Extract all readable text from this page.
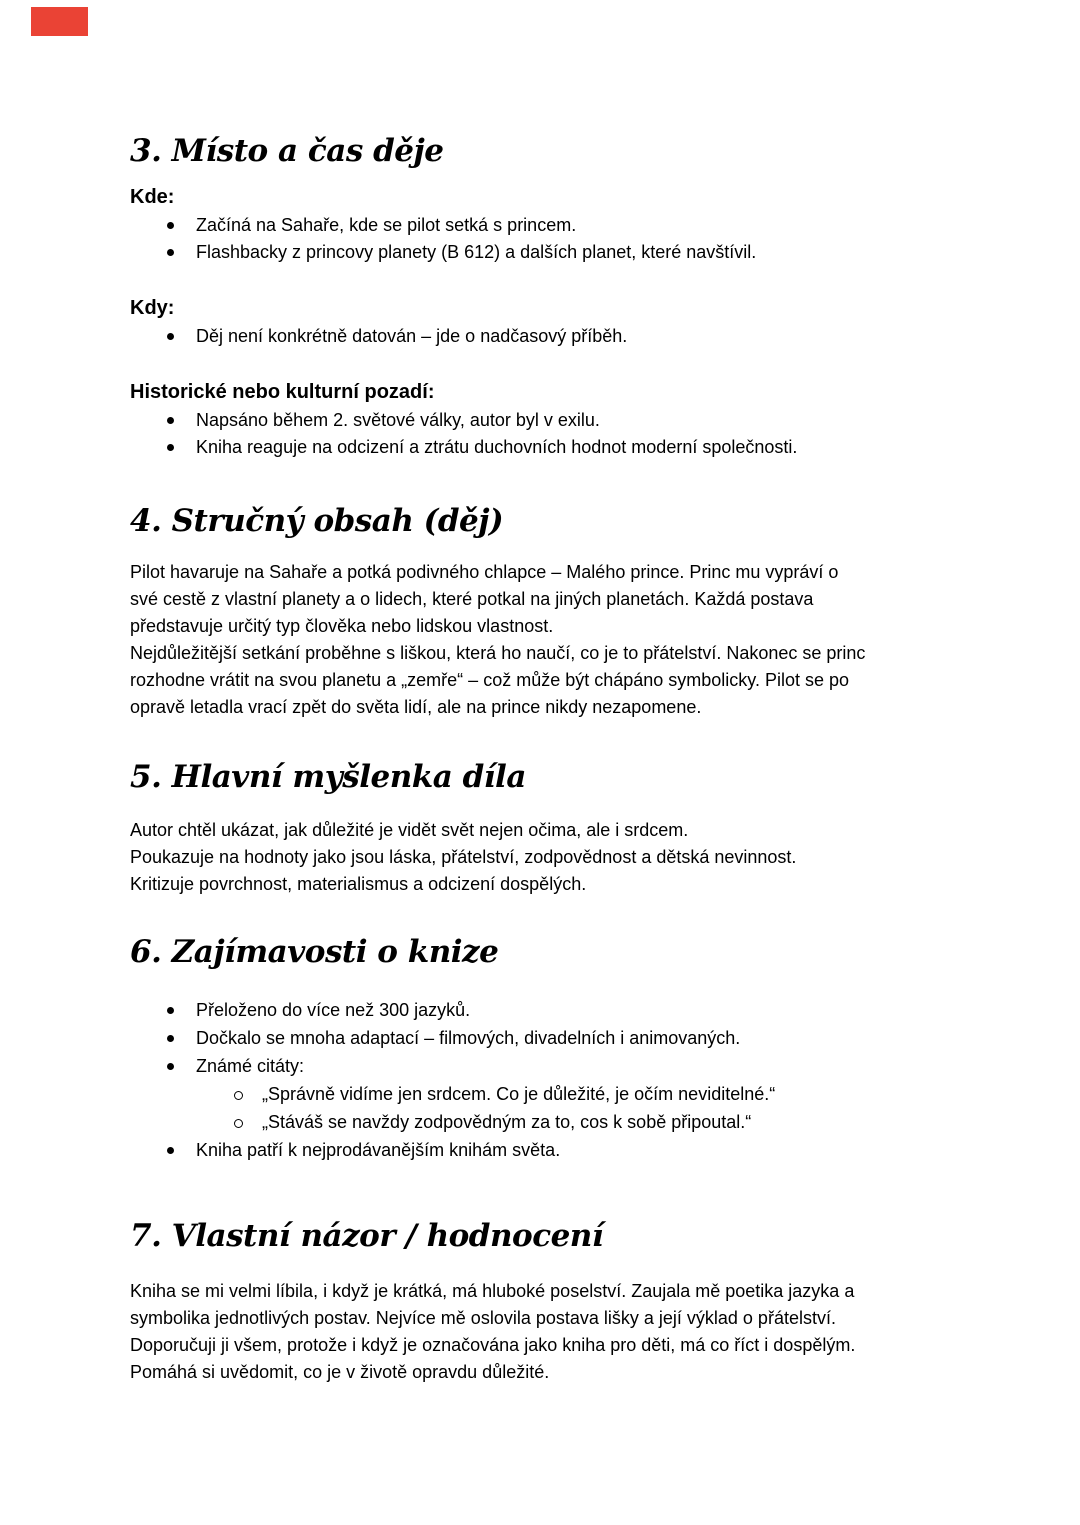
3. Místo a čas děje
Kde:
Začíná na Sahaře, kde se pilot setká s princem.
Flashbacky z princovy planety (B 612) a dalších planet, které navštívil.
Kdy:
Děj není konkrétně datován – jde o nadčasový příběh.
Historické nebo kulturní pozadí:
Napsáno během 2. světové války, autor byl v exilu.
Kniha reaguje na odcizení a ztrátu duchovních hodnot moderní společnosti.
4. Stručný obsah (děj)
Pilot havaruje na Sahaře a potká podivného chlapce – Malého prince. Princ mu vypráví o
své cestě z vlastní planety a o lidech, které potkal na jiných planetách. Každá postava
představuje určitý typ člověka nebo lidskou vlastnost.
Nejdůležitější setkání proběhne s liškou, která ho naučí, co je to přátelství. Nakonec se princ
rozhodne vrátit na svou planetu a „zemře“ – což může být chápáno symbolicky. Pilot se po
opravě letadla vrací zpět do světa lidí, ale na prince nikdy nezapomene.
5. Hlavní myšlenka díla
Autor chtěl ukázat, jak důležité je vidět svět nejen očima, ale i srdcem.
Poukazuje na hodnoty jako jsou láska, přátelství, zodpovědnost a dětská nevinnost.
Kritizuje povrchnost, materialismus a odcizení dospělých.
6. Zajímavosti o knize
Přeloženo do více než 300 jazyků.
Dočkalo se mnoha adaptací – filmových, divadelních i animovaných.
Známé citáty:
„Správně vidíme jen srdcem. Co je důležité, je očím neviditelné.“
„Stáváš se navždy zodpovědným za to, cos k sobě připoutal.“
Kniha patří k nejprodávanějším knihám světa.
7. Vlastní názor / hodnocení
Kniha se mi velmi líbila, i když je krátká, má hluboké poselství. Zaujala mě poetika jazyka a
symbolika jednotlivých postav. Nejvíce mě oslovila postava lišky a její výklad o přátelství.
Doporučuji ji všem, protože i když je označována jako kniha pro děti, má co říct i dospělým.
Pomáhá si uvědomit, co je v životě opravdu důležité.
